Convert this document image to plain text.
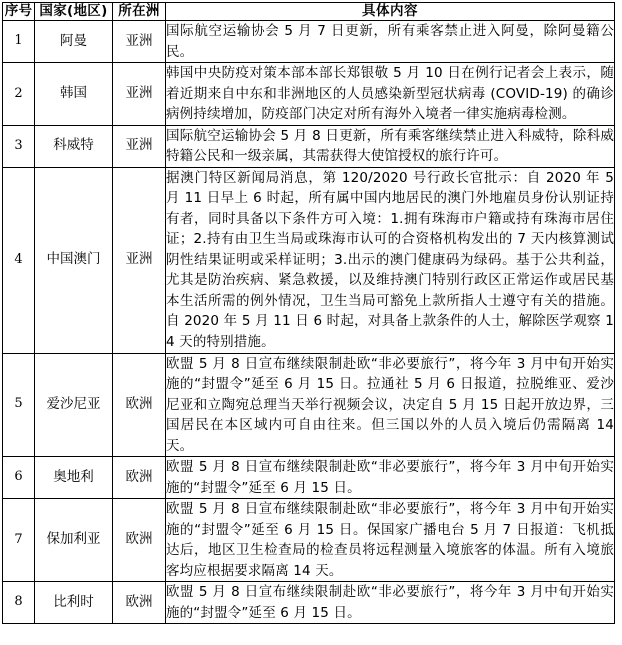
序号	国家(地区)	所在洲	具体内容
1	阿曼	亚洲	国际航空运输协会 5 月 7 日更新，所有乘客禁止进入阿曼，除阿曼籍公民。
2	韩国	亚洲	韩国中央防疫对策本部本部长郑银敬 5 月 10 日在例行记者会上表示，随着近期来自中东和非洲地区的人员感染新型冠状病毒 (COVID-19) 的确诊病例持续增加，防疫部门决定对所有海外入境者一律实施病毒检测。
3	科威特	亚洲	国际航空运输协会 5 月 8 日更新，所有乘客继续禁止进入科威特，除科威特籍公民和一级亲属，其需获得大使馆授权的旅行许可。
4	中国澳门	亚洲	据澳门特区新闻局消息，第 120/2020 号行政长官批示：自 2020 年 5 月 11 日早上 6 时起，所有属中国内地居民的澳门外地雇员身份认别证持有者，同时具备以下条件方可入境：1.拥有珠海市户籍或持有珠海市居住证；2.持有由卫生当局或珠海市认可的合资格机构发出的 7 天内核算测试阴性结果证明或采样证明；3.出示的澳门健康码为绿码。基于公共利益，尤其是防治疾病、紧急救援，以及维持澳门特别行政区正常运作或居民基本生活所需的例外情况，卫生当局可豁免上款所指人士遵守有关的措施。自 2020 年 5 月 11 日 6 时起，对具备上款条件的人士，解除医学观察 14 天的特别措施。
5	爱沙尼亚	欧洲	欧盟 5 月 8 日宣布继续限制赴欧“非必要旅行”，将今年 3 月中旬开始实施的“封盟令”延至 6 月 15 日。拉通社 5 月 6 日报道，拉脱维亚、爱沙尼亚和立陶宛总理当天举行视频会议，决定自 5 月 15 日起开放边界，三国居民在本区域内可自由往来。但三国以外的人员入境后仍需隔离 14 天。
6	奥地利	欧洲	欧盟 5 月 8 日宣布继续限制赴欧“非必要旅行”，将今年 3 月中旬开始实施的“封盟令”延至 6 月 15 日。
7	保加利亚	欧洲	欧盟 5 月 8 日宣布继续限制赴欧“非必要旅行”，将今年 3 月中旬开始实施的“封盟令”延至 6 月 15 日。保国家广播电台 5 月 7 日报道：飞机抵达后，地区卫生检查局的检查员将远程测量入境旅客的体温。所有入境旅客均应根据要求隔离 14 天。
8	比利时	欧洲	欧盟 5 月 8 日宣布继续限制赴欧“非必要旅行”，将今年 3 月中旬开始实施的“封盟令”延至 6 月 15 日。
